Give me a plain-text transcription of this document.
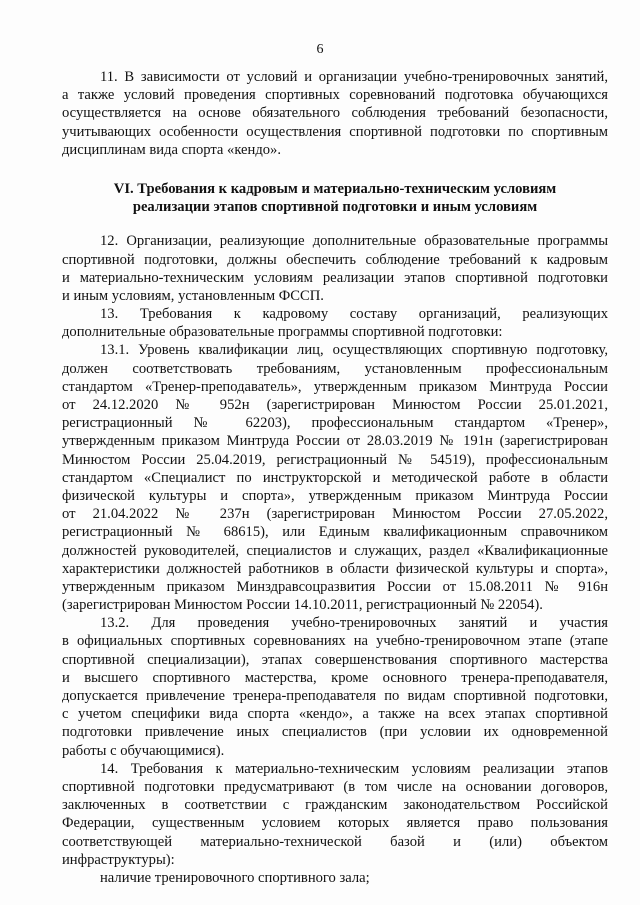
6
11. В зависимости от условий и организации учебно-тренировочных занятий,
а также условий проведения спортивных соревнований подготовка обучающихся
осуществляется на основе обязательного соблюдения требований безопасности,
учитывающих особенности осуществления спортивной подготовки по спортивным
дисциплинам вида спорта «кендо».
VI. Требования к кадровым и материально-техническим условиям
реализации этапов спортивной подготовки и иным условиям
12. Организации, реализующие дополнительные образовательные программы
спортивной подготовки, должны обеспечить соблюдение требований к кадровым
и материально-техническим условиям реализации этапов спортивной подготовки
и иным условиям, установленным ФССП.
13. Требования к кадровому составу организаций, реализующих
дополнительные образовательные программы спортивной подготовки:
13.1. Уровень квалификации лиц, осуществляющих спортивную подготовку,
должен соответствовать требованиям, установленным профессиональным
стандартом «Тренер-преподаватель», утвержденным приказом Минтруда России
от 24.12.2020 № 952н (зарегистрирован Минюстом России 25.01.2021,
регистрационный № 62203), профессиональным стандартом «Тренер»,
утвержденным приказом Минтруда России от 28.03.2019 № 191н (зарегистрирован
Минюстом России 25.04.2019, регистрационный № 54519), профессиональным
стандартом «Специалист по инструкторской и методической работе в области
физической культуры и спорта», утвержденным приказом Минтруда России
от 21.04.2022 № 237н (зарегистрирован Минюстом России 27.05.2022,
регистрационный № 68615), или Единым квалификационным справочником
должностей руководителей, специалистов и служащих, раздел «Квалификационные
характеристики должностей работников в области физической культуры и спорта»,
утвержденным приказом Минздравсоцразвития России от 15.08.2011 № 916н
(зарегистрирован Минюстом России 14.10.2011, регистрационный № 22054).
13.2. Для проведения учебно-тренировочных занятий и участия
в официальных спортивных соревнованиях на учебно-тренировочном этапе (этапе
спортивной специализации), этапах совершенствования спортивного мастерства
и высшего спортивного мастерства, кроме основного тренера-преподавателя,
допускается привлечение тренера-преподавателя по видам спортивной подготовки,
с учетом специфики вида спорта «кендо», а также на всех этапах спортивной
подготовки привлечение иных специалистов (при условии их одновременной
работы с обучающимися).
14. Требования к материально-техническим условиям реализации этапов
спортивной подготовки предусматривают (в том числе на основании договоров,
заключенных в соответствии с гражданским законодательством Российской
Федерации, существенным условием которых является право пользования
соответствующей материально-технической базой и (или) объектом
инфраструктуры):
наличие тренировочного спортивного зала;
